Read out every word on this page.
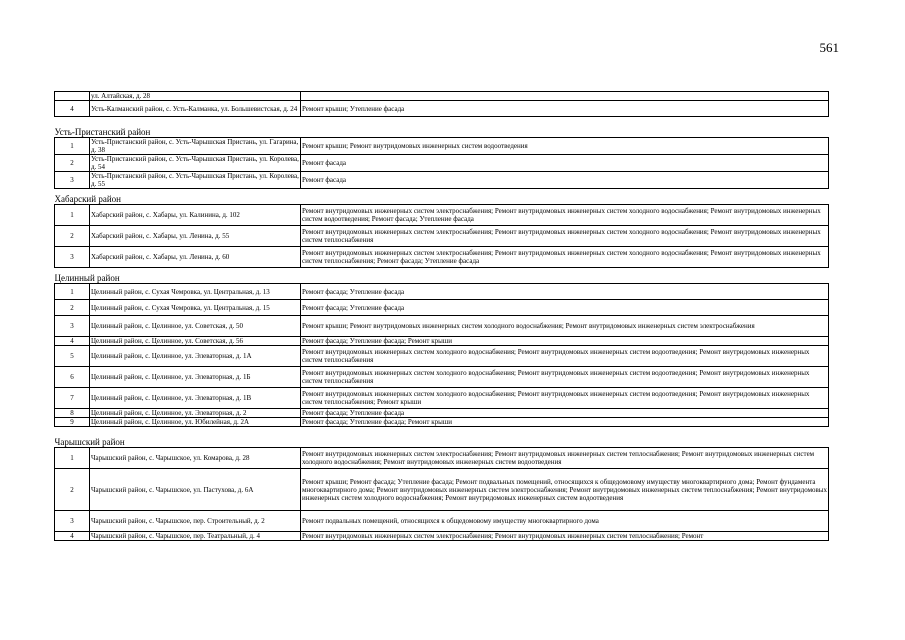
561
	ул. Алтайская, д. 28	
4	Усть-Калманский район, с. Усть-Калманка, ул. Большевистская, д. 24	Ремонт крыши; Утепление фасада
Усть-Пристанский район		
1	Усть-Пристанский район, с. Усть-Чарышская Пристань, ул. Гагарина, д. 38	Ремонт крыши; Ремонт внутридомовых инженерных систем водоотведения
2	Усть-Пристанский район, с. Усть-Чарышская Пристань, ул. Королева, д. 54	Ремонт фасада
3	Усть-Пристанский район, с. Усть-Чарышская Пристань, ул. Королева, д. 55	Ремонт фасада
Хабарский район		
1	Хабарский район, с. Хабары, ул. Калинина, д. 102	Ремонт внутридомовых инженерных систем электроснабжения; Ремонт внутридомовых инженерных систем холодного водоснабжения; Ремонт внутридомовых инженерных систем водоотведения; Ремонт фасада; Утепление фасада
2	Хабарский район, с. Хабары, ул. Ленина, д. 55	Ремонт внутридомовых инженерных систем электроснабжения; Ремонт внутридомовых инженерных систем холодного водоснабжения; Ремонт внутридомовых инженерных систем теплоснабжения
3	Хабарский район, с. Хабары, ул. Ленина, д. 60	Ремонт внутридомовых инженерных систем электроснабжения; Ремонт внутридомовых инженерных систем холодного водоснабжения; Ремонт внутридомовых инженерных систем теплоснабжения; Ремонт фасада; Утепление фасада
Целинный район		
1	Целинный район, с. Сухая Чемровка, ул. Центральная, д. 13	Ремонт фасада; Утепление фасада
2	Целинный район, с. Сухая Чемровка, ул. Центральная, д. 15	Ремонт фасада; Утепление фасада
3	Целинный район, с. Целинное, ул. Советская, д. 50	Ремонт крыши; Ремонт внутридомовых инженерных систем холодного водоснабжения; Ремонт внутридомовых инженерных систем электроснабжения
4	Целинный район, с. Целинное, ул. Советская, д. 56	Ремонт фасада; Утепление фасада; Ремонт крыши
5	Целинный район, с. Целинное, ул. Элеваторная, д. 1А	Ремонт внутридомовых инженерных систем холодного водоснабжения; Ремонт внутридомовых инженерных систем водоотведения; Ремонт внутридомовых инженерных систем теплоснабжения
6	Целинный район, с. Целинное, ул. Элеваторная, д. 1Б	Ремонт внутридомовых инженерных систем холодного водоснабжения; Ремонт внутридомовых инженерных систем водоотведения; Ремонт внутридомовых инженерных систем теплоснабжения
7	Целинный район, с. Целинное, ул. Элеваторная, д. 1В	Ремонт внутридомовых инженерных систем холодного водоснабжения; Ремонт внутридомовых инженерных систем водоотведения; Ремонт внутридомовых инженерных систем теплоснабжения; Ремонт крыши
8	Целинный район, с. Целинное, ул. Элеваторная, д. 2	Ремонт фасада; Утепление фасада
9	Целинный район, с. Целинное, ул. Юбилейная, д. 2А	Ремонт фасада; Утепление фасада; Ремонт крыши
Чарышский район		
1	Чарышский район, с. Чарышское, ул. Комарова, д. 28	Ремонт внутридомовых инженерных систем электроснабжения; Ремонт внутридомовых инженерных систем теплоснабжения; Ремонт внутридомовых инженерных систем холодного водоснабжения; Ремонт внутридомовых инженерных систем водоотведения
2	Чарышский район, с. Чарышское, ул. Пастухова, д. 6А	Ремонт крыши; Ремонт фасада; Утепление фасада; Ремонт подвальных помещений, относящихся к общедомовому имуществу многоквартирного дома; Ремонт фундамента многоквартирного дома; Ремонт внутридомовых инженерных систем электроснабжения; Ремонт внутридомовых инженерных систем теплоснабжения; Ремонт внутридомовых инженерных систем холодного водоснабжения; Ремонт внутридомовых инженерных систем водоотведения
3	Чарышский район, с. Чарышское, пер. Строительный, д. 2	Ремонт подвальных помещений, относящихся к общедомовому имуществу многоквартирного дома
4	Чарышский район, с. Чарышское, пер. Театральный, д. 4	Ремонт внутридомовых инженерных систем электроснабжения; Ремонт внутридомовых инженерных систем теплоснабжения; Ремонт
